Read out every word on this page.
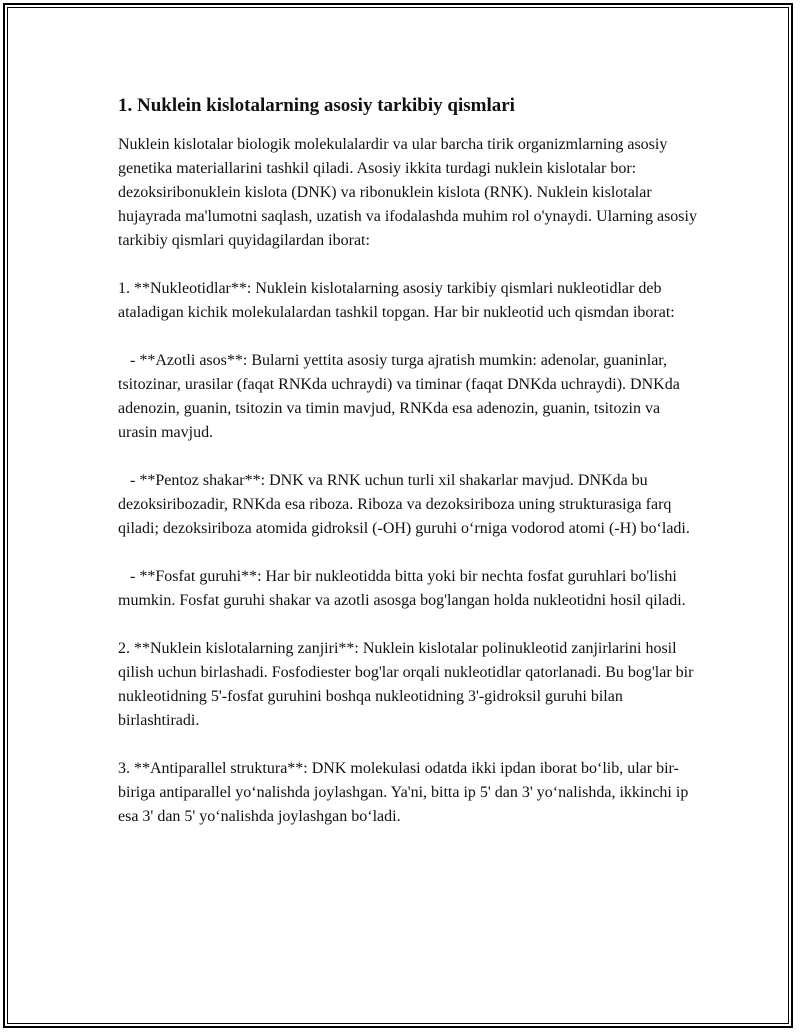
1. Nuklein kislotalarning asosiy tarkibiy qismlari

Nuklein kislotalar biologik molekulalardir va ular barcha tirik organizmlarning asosiy genetika materiallarini tashkil qiladi. Asosiy ikkita turdagi nuklein kislotalar bor: dezoksiribonuklein kislota (DNK) va ribonuklein kislota (RNK). Nuklein kislotalar hujayrada ma'lumotni saqlash, uzatish va ifodalashda muhim rol o'ynaydi. Ularning asosiy tarkibiy qismlari quyidagilardan iborat:

1. **Nukleotidlar**: Nuklein kislotalarning asosiy tarkibiy qismlari nukleotidlar deb ataladigan kichik molekulalardan tashkil topgan. Har bir nukleotid uch qismdan iborat:

- **Azotli asos**: Bularni yettita asosiy turga ajratish mumkin: adenolar, guaninlar, tsitozinar, urasilar (faqat RNKda uchraydi) va timinar (faqat DNKda uchraydi). DNKda adenozin, guanin, tsitozin va timin mavjud, RNKda esa adenozin, guanin, tsitozin va urasin mavjud.

- **Pentoz shakar**: DNK va RNK uchun turli xil shakarlar mavjud. DNKda bu dezoksiribozadir, RNKda esa riboza. Riboza va dezoksiriboza uning strukturasiga farq qiladi; dezoksiriboza atomida gidroksil (-OH) guruhi o‘rniga vodorod atomi (-H) bo‘ladi.

- **Fosfat guruhi**: Har bir nukleotidda bitta yoki bir nechta fosfat guruhlari bo'lishi mumkin. Fosfat guruhi shakar va azotli asosga bog'langan holda nukleotidni hosil qiladi.

2. **Nuklein kislotalarning zanjiri**: Nuklein kislotalar polinukleotid zanjirlarini hosil qilish uchun birlashadi. Fosfodiester bog'lar orqali nukleotidlar qatorlanadi. Bu bog'lar bir nukleotidning 5'-fosfat guruhini boshqa nukleotidning 3'-gidroksil guruhi bilan birlashtiradi.

3. **Antiparallel struktura**: DNK molekulasi odatda ikki ipdan iborat bo‘lib, ular bir-biriga antiparallel yo‘nalishda joylashgan. Ya'ni, bitta ip 5' dan 3' yo‘nalishda, ikkinchi ip esa 3' dan 5' yo‘nalishda joylashgan bo‘ladi.
